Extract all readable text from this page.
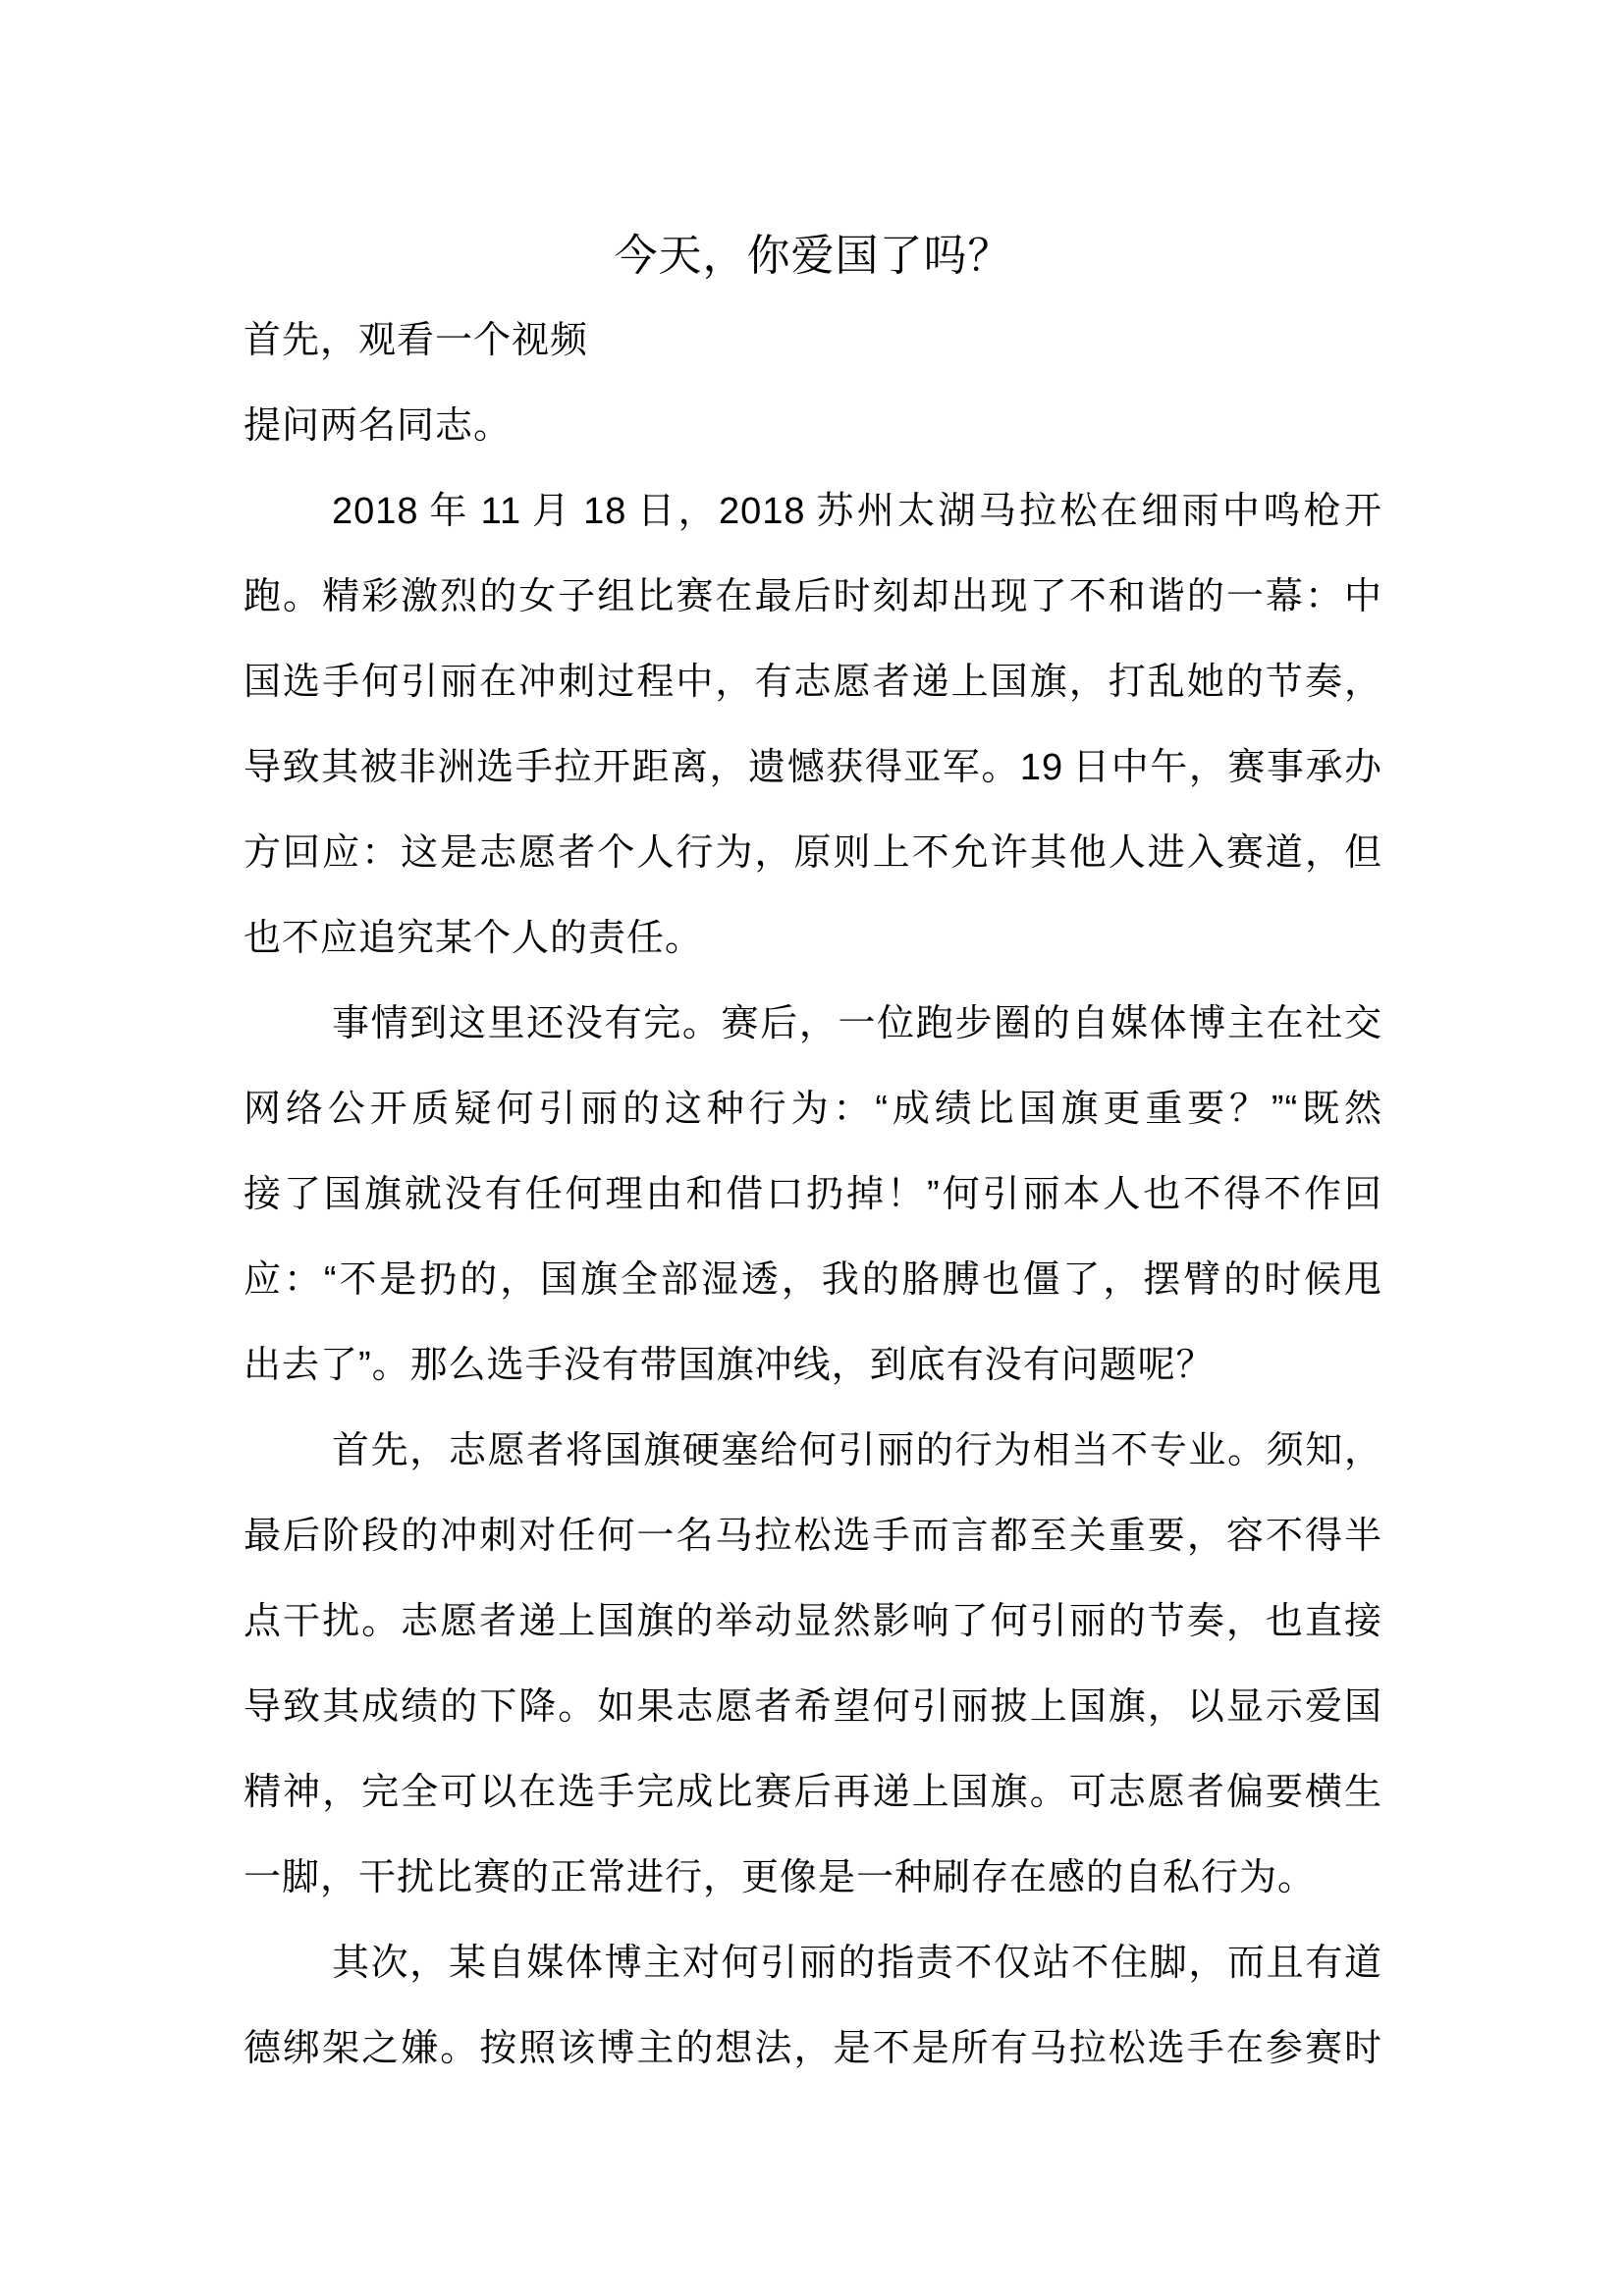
今天，你爱国了吗？
首先，观看一个视频
提问两名同志。
2018 年 11 月 18 日，2018 苏州太湖马拉松在细雨中鸣枪开
跑。精彩激烈的女子组比赛在最后时刻却出现了不和谐的一幕：中
国选手何引丽在冲刺过程中，有志愿者递上国旗，打乱她的节奏，
导致其被非洲选手拉开距离，遗憾获得亚军。19 日中午，赛事承办
方回应：这是志愿者个人行为，原则上不允许其他人进入赛道，但
也不应追究某个人的责任。
事情到这里还没有完。赛后，一位跑步圈的自媒体博主在社交
网络公开质疑何引丽的这种行为：“成绩比国旗更重要？”“既然
接了国旗就没有任何理由和借口扔掉！”何引丽本人也不得不作回
应：“不是扔的，国旗全部湿透，我的胳膊也僵了，摆臂的时候甩
出去了”。那么选手没有带国旗冲线，到底有没有问题呢？
首先，志愿者将国旗硬塞给何引丽的行为相当不专业。须知，
最后阶段的冲刺对任何一名马拉松选手而言都至关重要，容不得半
点干扰。志愿者递上国旗的举动显然影响了何引丽的节奏，也直接
导致其成绩的下降。如果志愿者希望何引丽披上国旗，以显示爱国
精神，完全可以在选手完成比赛后再递上国旗。可志愿者偏要横生
一脚，干扰比赛的正常进行，更像是一种刷存在感的自私行为。
其次，某自媒体博主对何引丽的指责不仅站不住脚，而且有道
德绑架之嫌。按照该博主的想法，是不是所有马拉松选手在参赛时
